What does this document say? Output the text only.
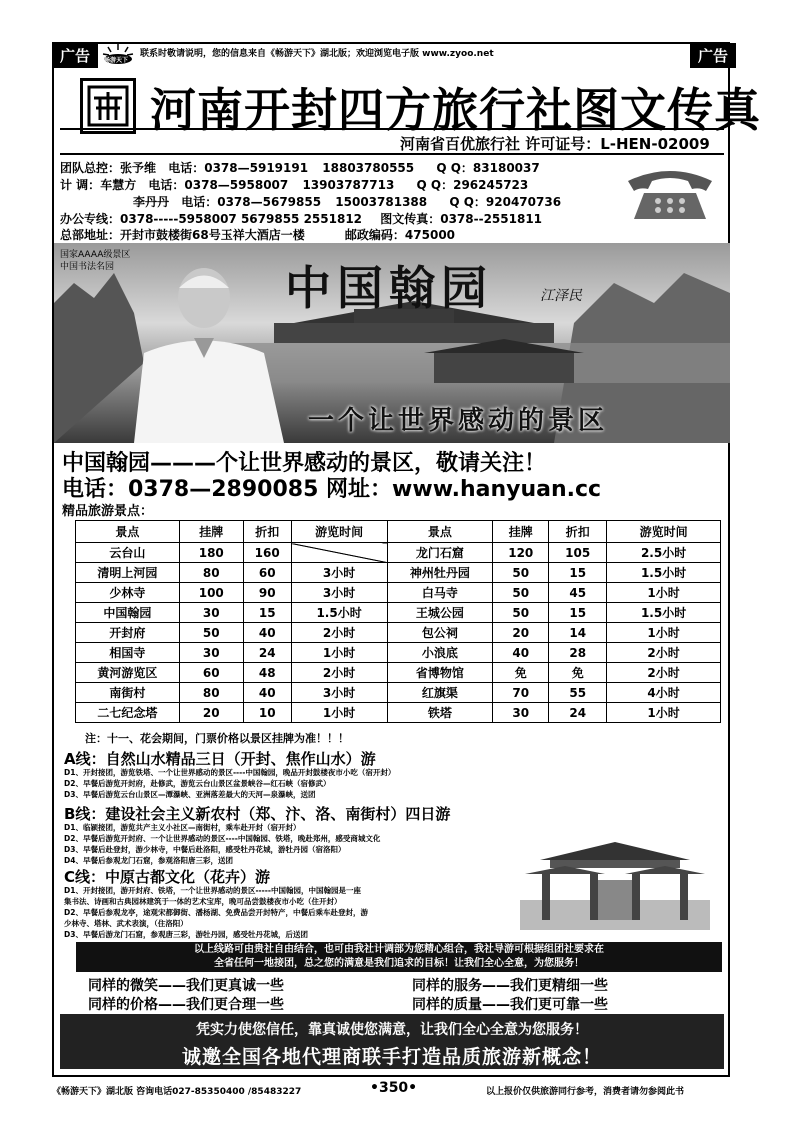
广告	广告
畅游天下
联系时敬请说明，您的信息来自《畅游天下》湖北版；欢迎浏览电子版 www.zyoo.net
河南开封四方旅行社图文传真
河南省百优旅行社 许可证号：L-HEN-02009
团队总控：张予维 电话：0378—5919191 18803780555 Q Q：83180037
计 调：车慧方 电话：0378—5958007 13903787713 Q Q：296245723
李丹丹 电话：0378—5679855 15003781388 Q Q：920470736
办公专线：0378-----5958007 5679855 2551812 图文传真：0378--2551811
总部地址：开封市鼓楼街68号玉祥大酒店一楼	邮政编码：475000
国家AAAA级景区
中国书法名园	中国翰园	江泽民
一个让世界感动的景区
中国翰园———个让世界感动的景区，敬请关注！
电话：0378—2890085 网址：www.hanyuan.cc
精品旅游景点：
景点	挂牌	折扣	游览时间	景点	挂牌	折扣	游览时间
云台山	180	160		龙门石窟	120	105	2.5小时
清明上河园	80	60	3小时	神州牡丹园	50	15	1.5小时
少林寺	100	90	3小时	白马寺	50	45	1小时
中国翰园	30	15	1.5小时	王城公园	50	15	1.5小时
开封府	50	40	2小时	包公祠	20	14	1小时
相国寺	30	24	1小时	小浪底	40	28	2小时
黄河游览区	60	48	2小时	省博物馆	免	免	2小时
南街村	80	40	3小时	红旗渠	70	55	4小时
二七纪念塔	20	10	1小时	铁塔	30	24	1小时
注：十一、花会期间，门票价格以景区挂牌为准！！！
A线：自然山水精品三日（开封、焦作山水）游
D1、开封接团，游览铁塔、一个让世界感动的景区----中国翰园，晚品开封鼓楼夜市小吃（宿开封）
D2、早餐后游览开封府，赴修武，游览云台山景区盆景峡谷—红石峡（宿修武）
D3、早餐后游览云台山景区—潭瀑峡、亚洲落差最大的天河—泉瀑峡，送团
B线：建设社会主义新农村（郑、汴、洛、南街村）四日游
D1、临颍接团，游览共产主义小社区—南街村，乘车赴开封（宿开封）
D2、早餐后游览开封府、一个让世界感动的景区----中国翰园、铁塔，晚赴郑州，感受商城文化
D3、早餐后赴登封，游少林寺，中餐后赴洛阳，感受牡丹花城，游牡丹园（宿洛阳）
D4、早餐后参观龙门石窟，参观洛阳唐三彩，送团
C线：中原古都文化（花卉）游
D1、开封接团，游开封府、铁塔，一个让世界感动的景区-----中国翰园，中国翰园是一座
集书法、诗画和古典园林建筑于一体的艺术宝库，晚可品尝鼓楼夜市小吃（住开封）
D2、早餐后参观龙亭，途观宋都御街、潘杨湖、免费品尝开封特产，中餐后乘车赴登封，游
少林寺、塔林、武术表演，（住洛阳）
D3、早餐后游龙门石窟，参观唐三彩，游牡丹园，感受牡丹花城，后送团
以上线路可由贵社自由结合，也可由我社计调部为您精心组合，我社导游可根据组团社要求在
全省任何一地接团，总之您的满意是我们追求的目标！让我们全心全意，为您服务！
同样的微笑——我们更真诚一些	同样的服务——我们更精细一些
同样的价格——我们更合理一些	同样的质量——我们更可靠一些
凭实力使您信任，靠真诚使您满意，让我们全心全意为您服务！
诚邀全国各地代理商联手打造品质旅游新概念！
《畅游天下》湖北版 咨询电话027-85350400 /85483227	•350•	以上报价仅供旅游同行参考，消费者请勿参阅此书
